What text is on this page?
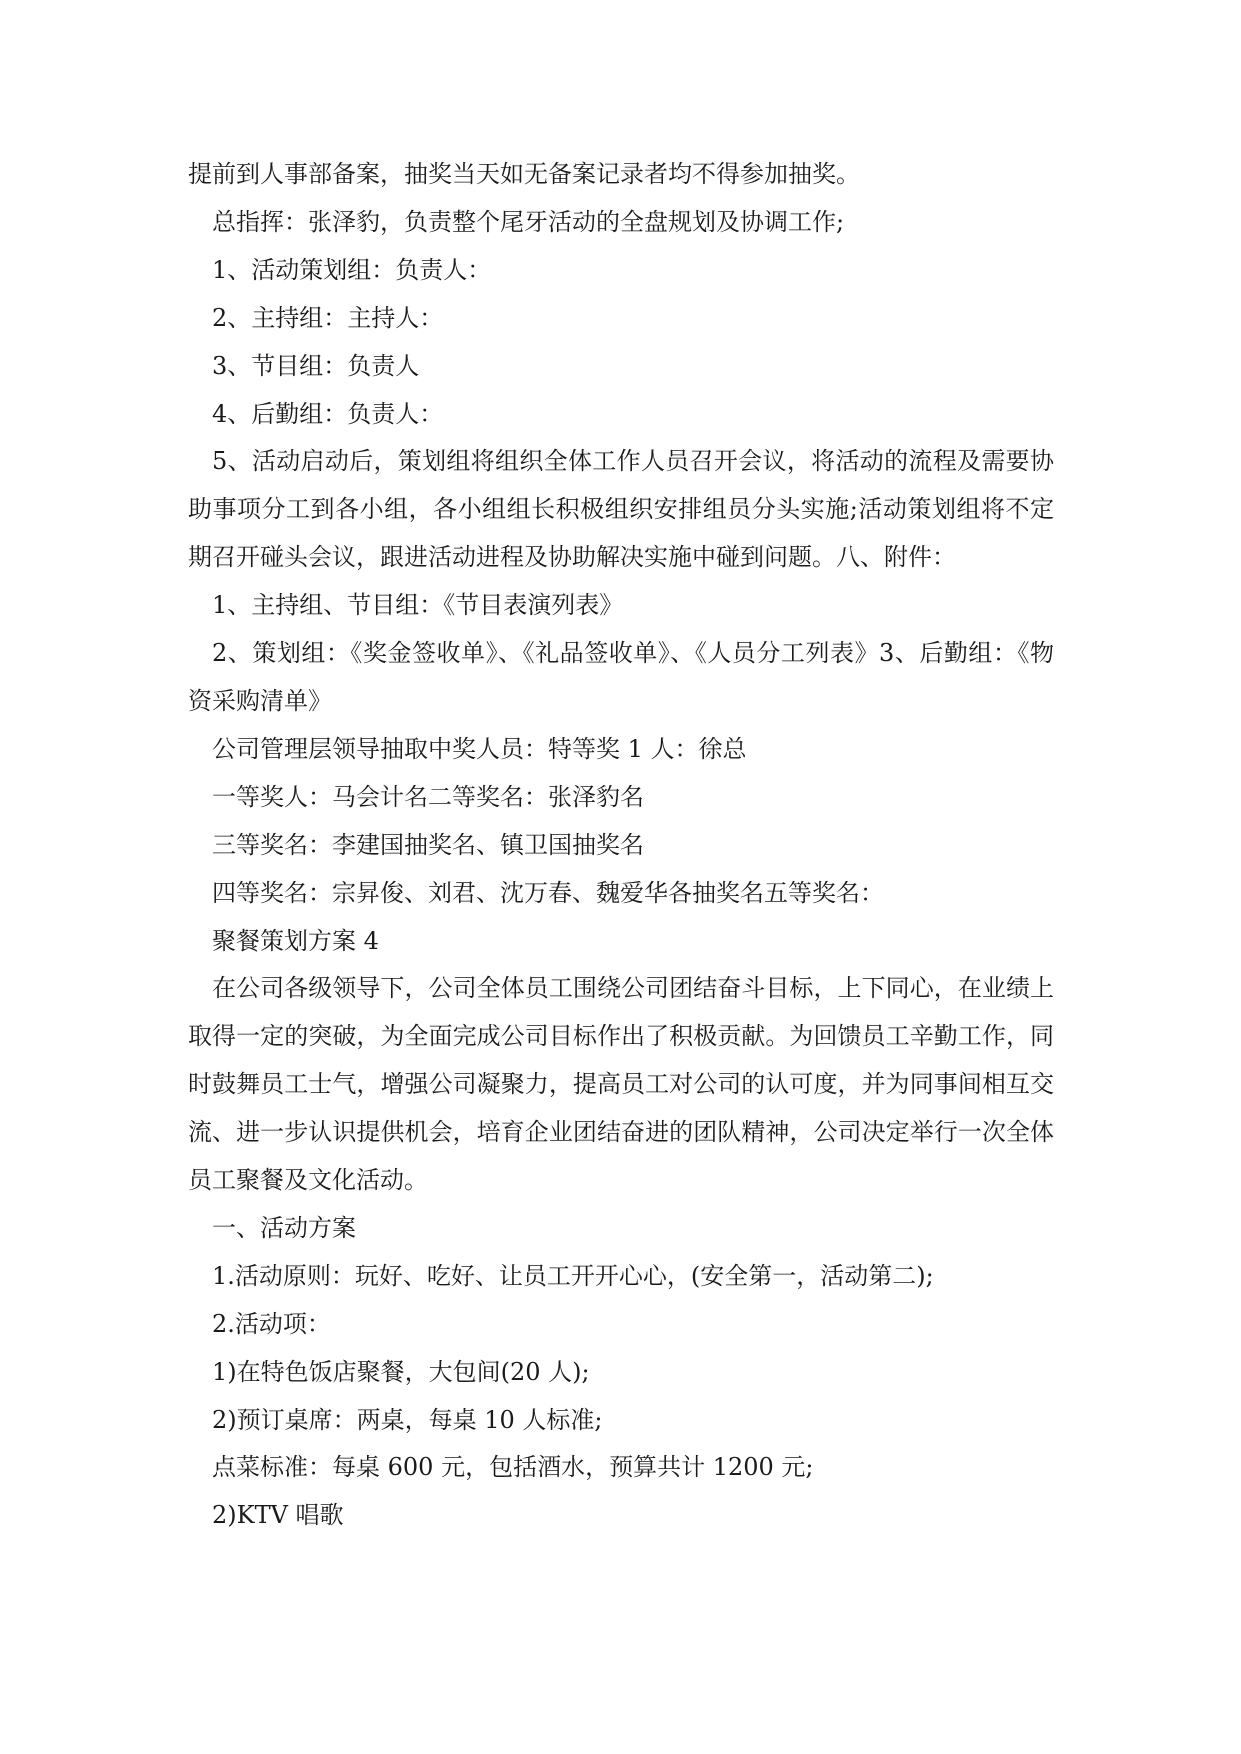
提前到人事部备案，抽奖当天如无备案记录者均不得参加抽奖。

总指挥：张泽豹，负责整个尾牙活动的全盘规划及协调工作;

1、活动策划组：负责人：

2、主持组：主持人：

3、节目组：负责人

4、后勤组：负责人：

5、活动启动后，策划组将组织全体工作人员召开会议，将活动的流程及需要协助事项分工到各小组，各小组组长积极组织安排组员分头实施;活动策划组将不定期召开碰头会议，跟进活动进程及协助解决实施中碰到问题。八、附件：

1、主持组、节目组：《节目表演列表》

2、策划组：《奖金签收单》、《礼品签收单》、《人员分工列表》3、后勤组：《物资采购清单》

公司管理层领导抽取中奖人员：特等奖 1 人：徐总

一等奖人：马会计名二等奖名：张泽豹名

三等奖名：李建国抽奖名、镇卫国抽奖名

四等奖名：宗昇俊、刘君、沈万春、魏爱华各抽奖名五等奖名：

聚餐策划方案 4

在公司各级领导下，公司全体员工围绕公司团结奋斗目标，上下同心，在业绩上取得一定的突破，为全面完成公司目标作出了积极贡献。为回馈员工辛勤工作，同时鼓舞员工士气，增强公司凝聚力，提高员工对公司的认可度，并为同事间相互交流、进一步认识提供机会，培育企业团结奋进的团队精神，公司决定举行一次全体员工聚餐及文化活动。

一、活动方案

1.活动原则：玩好、吃好、让员工开开心心，(安全第一，活动第二);

2.活动项：

1)在特色饭店聚餐，大包间(20 人);

2)预订桌席：两桌，每桌 10 人标准;

点菜标准：每桌 600 元，包括酒水，预算共计 1200 元;

2)KTV 唱歌
